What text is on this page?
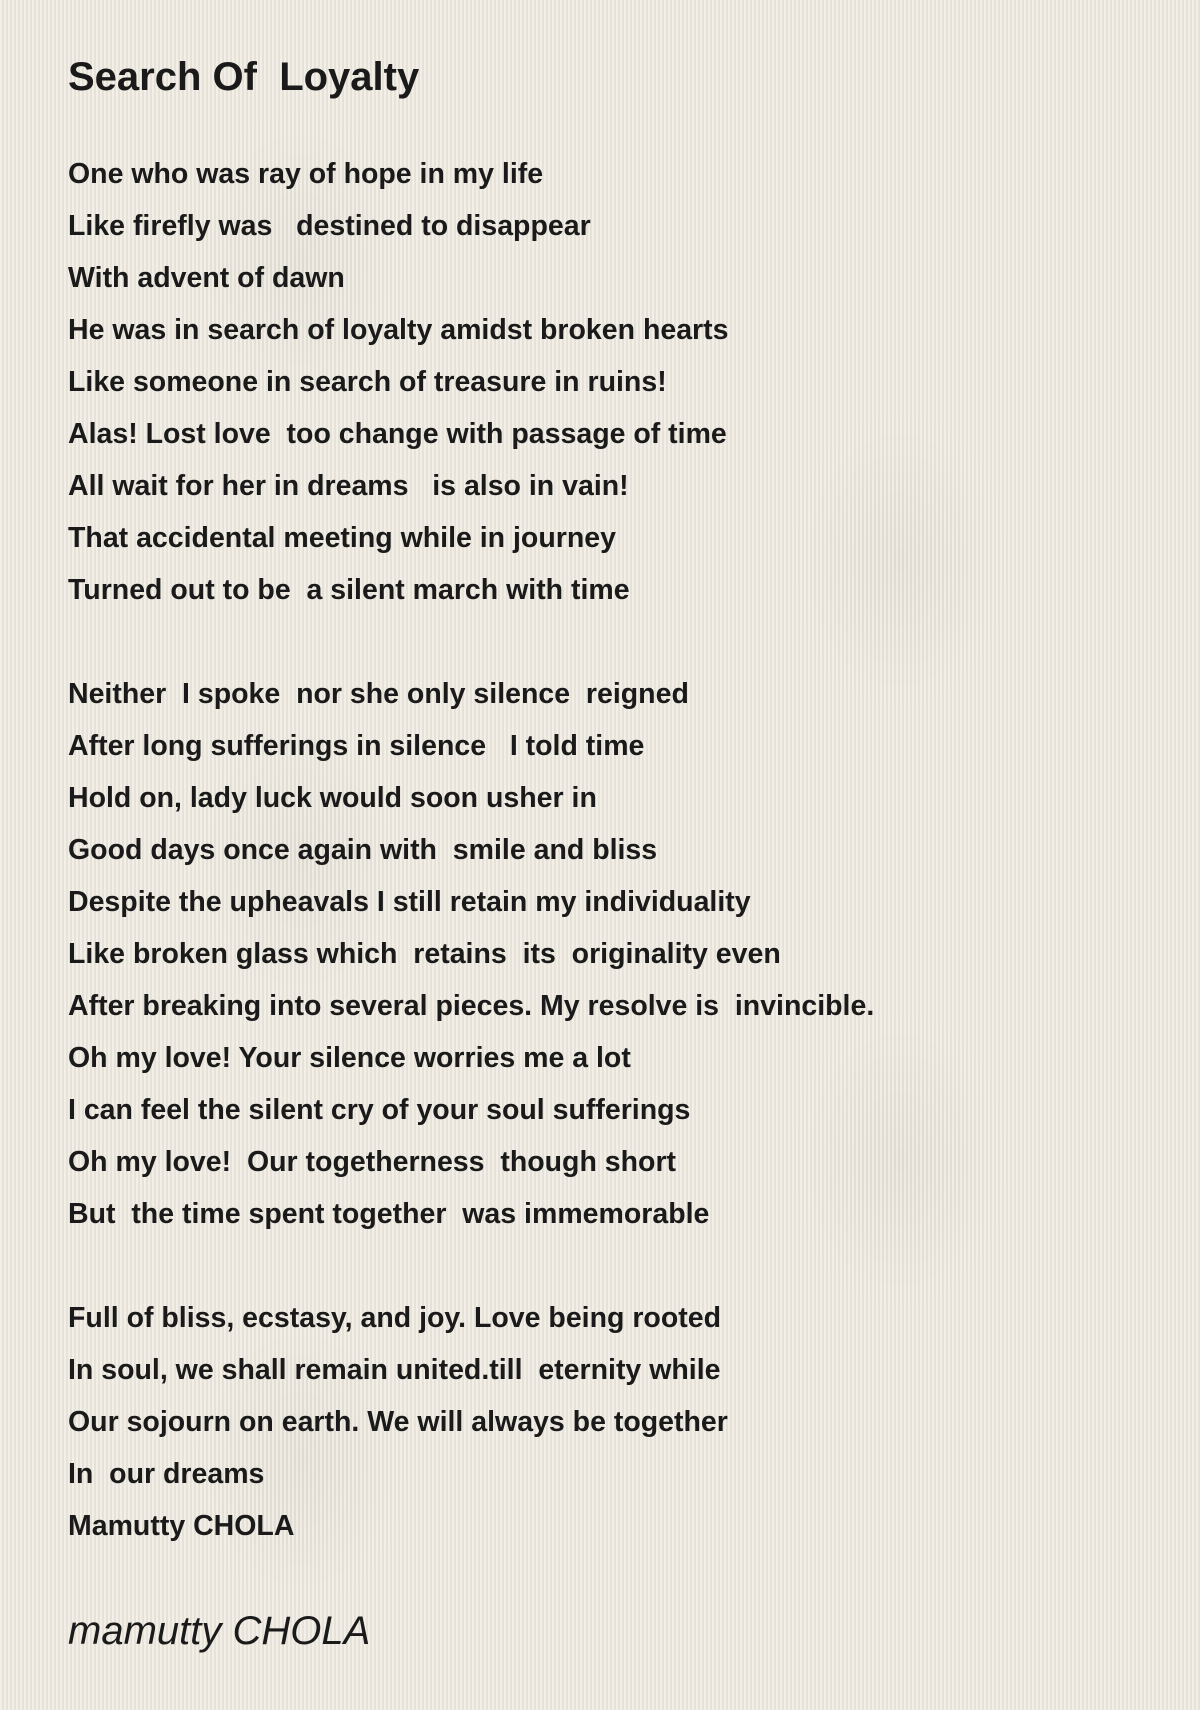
Search Of  Loyalty
One who was ray of hope in my life
Like firefly was   destined to disappear
With advent of dawn
He was in search of loyalty amidst broken hearts
Like someone in search of treasure in ruins!
Alas! Lost love  too change with passage of time
All wait for her in dreams   is also in vain!
That accidental meeting while in journey
Turned out to be  a silent march with time
Neither  I spoke  nor she only silence  reigned
After long sufferings in silence   I told time
Hold on, lady luck would soon usher in
Good days once again with  smile and bliss
Despite the upheavals I still retain my individuality
Like broken glass which  retains  its  originality even
After breaking into several pieces. My resolve is  invincible.
Oh my love! Your silence worries me a lot
I can feel the silent cry of your soul sufferings
Oh my love!  Our togetherness  though short
But  the time spent together  was immemorable
Full of bliss, ecstasy, and joy. Love being rooted
In soul, we shall remain united.till  eternity while
Our sojourn on earth. We will always be together
In  our dreams
Mamutty CHOLA
mamutty CHOLA
